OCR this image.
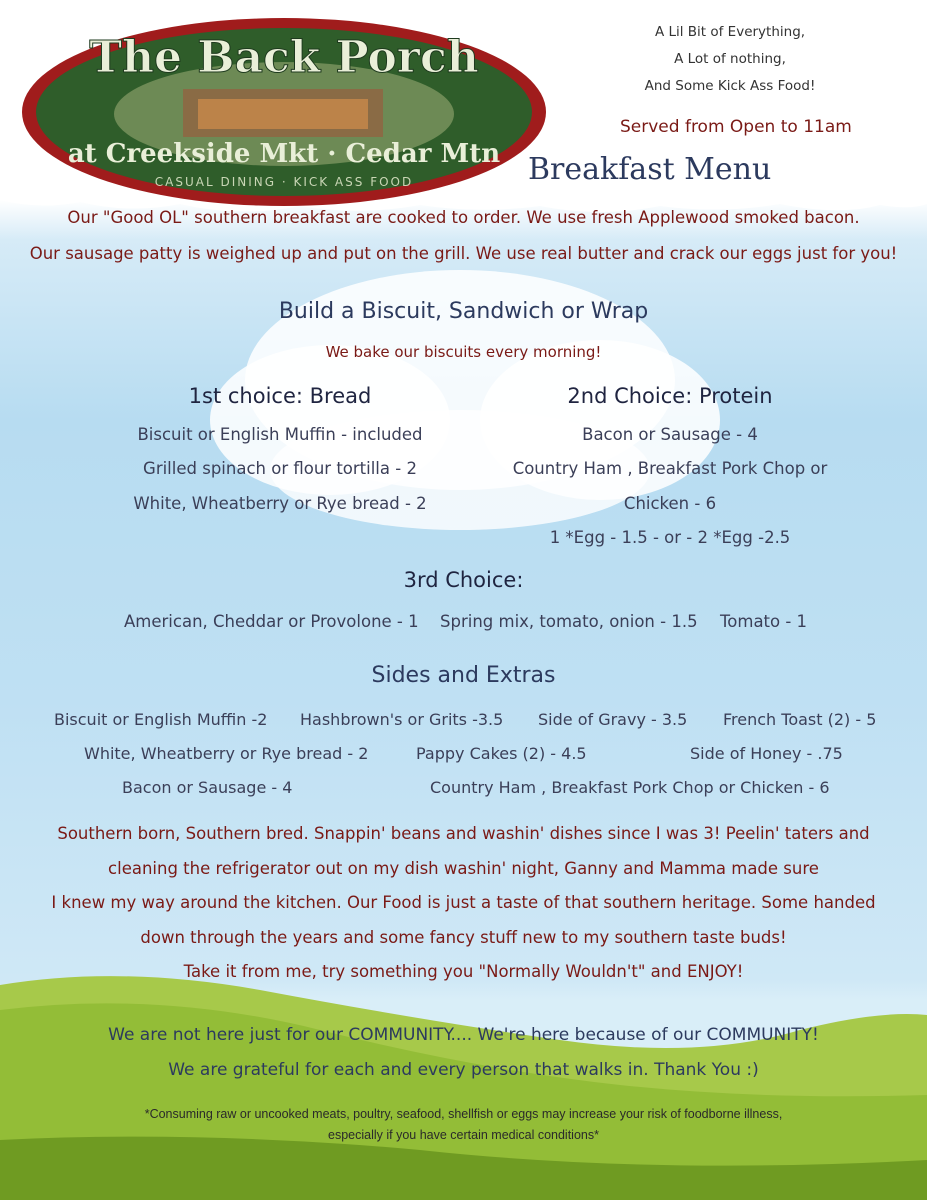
The Back Porch
at Creekside Mkt · Cedar Mtn
CASUAL DINING · KICK ASS FOOD
A Lil Bit of Everything,
A Lot of nothing,
And Some Kick Ass Food!
Served from Open to 11am
Breakfast Menu
Our "Good OL" southern breakfast are cooked to order. We use fresh Applewood smoked bacon.
Our sausage patty is weighed up and put on the grill. We use real butter and crack our eggs just for you!
Build a Biscuit, Sandwich or Wrap
We bake our biscuits every morning!
1st choice: Bread
Biscuit or English Muffin - included
Grilled spinach or flour tortilla - 2
White, Wheatberry or Rye bread - 2
2nd Choice: Protein
Bacon or Sausage - 4
Country Ham , Breakfast Pork Chop or
Chicken - 6
1 *Egg - 1.5 - or - 2 *Egg -2.5
3rd Choice:
American, Cheddar or Provolone - 1 Spring mix, tomato, onion - 1.5 Tomato - 1
Sides and Extras
Biscuit or English Muffin -2 Hashbrown's or Grits -3.5 Side of Gravy - 3.5 French Toast (2) - 5
White, Wheatberry or Rye bread - 2	Pappy Cakes (2) - 4.5	Side of Honey - .75
Bacon or Sausage - 4	Country Ham , Breakfast Pork Chop or Chicken - 6
Southern born, Southern bred. Snappin' beans and washin' dishes since I was 3! Peelin' taters and
cleaning the refrigerator out on my dish washin' night, Ganny and Mamma made sure
I knew my way around the kitchen. Our Food is just a taste of that southern heritage. Some handed
down through the years and some fancy stuff new to my southern taste buds!
Take it from me, try something you "Normally Wouldn't" and ENJOY!
We are not here just for our COMMUNITY.... We're here because of our COMMUNITY!
We are grateful for each and every person that walks in. Thank You :)
*Consuming raw or uncooked meats, poultry, seafood, shellfish or eggs may increase your risk of foodborne illness,
especially if you have certain medical conditions*
